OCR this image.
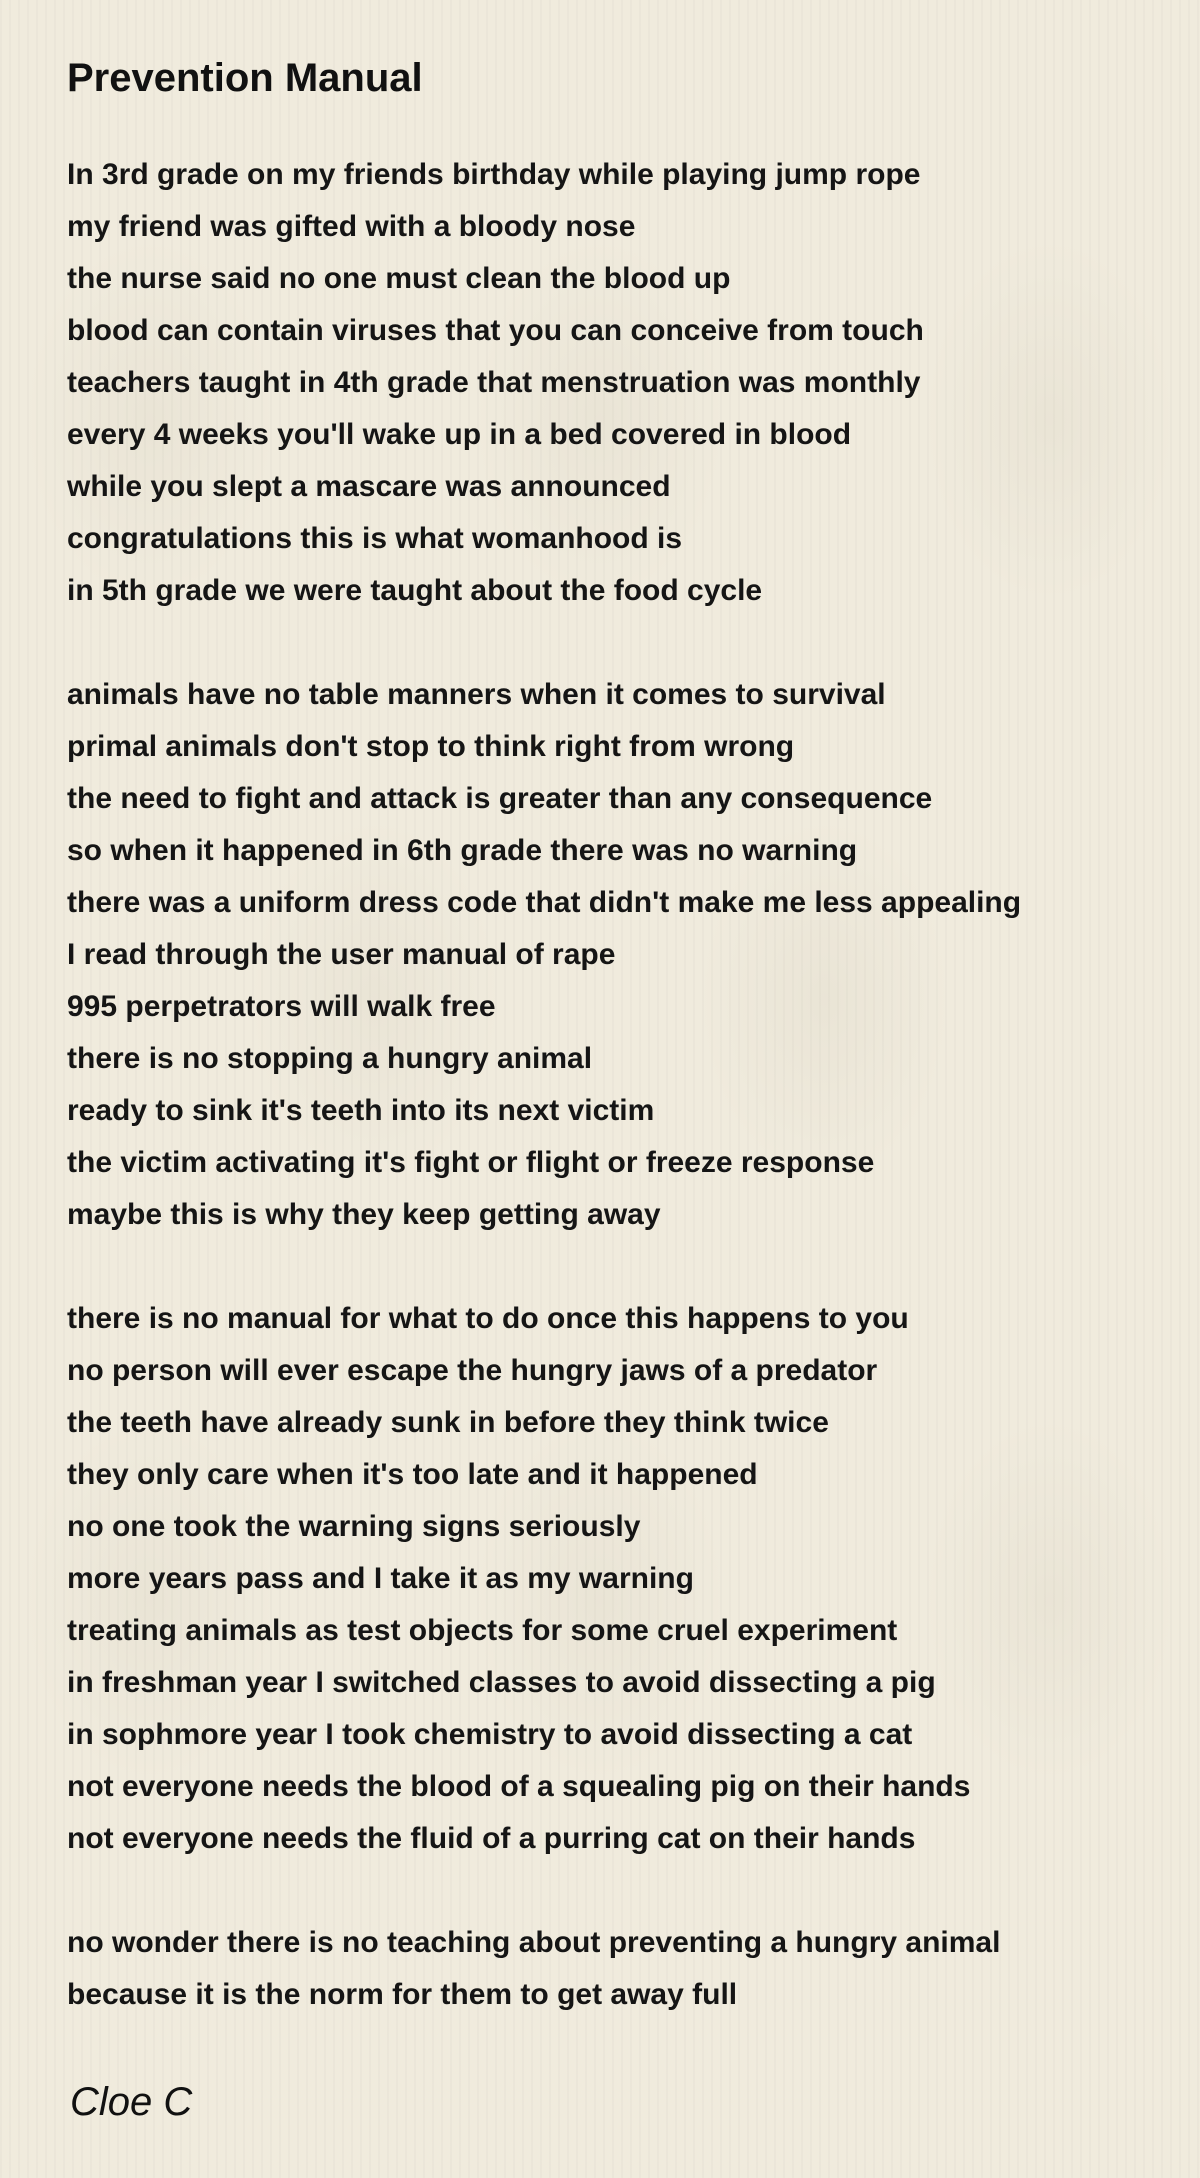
Prevention Manual
In 3rd grade on my friends birthday while playing jump rope
my friend was gifted with a bloody nose
the nurse said no one must clean the blood up
blood can contain viruses that you can conceive from touch
teachers taught in 4th grade that menstruation was monthly
every 4 weeks you'll wake up in a bed covered in blood
while you slept a mascare was announced
congratulations this is what womanhood is
in 5th grade we were taught about the food cycle
animals have no table manners when it comes to survival
primal animals don't stop to think right from wrong
the need to fight and attack is greater than any consequence
so when it happened in 6th grade there was no warning
there was a uniform dress code that didn't make me less appealing
I read through the user manual of rape
995 perpetrators will walk free
there is no stopping a hungry animal
ready to sink it's teeth into its next victim
the victim activating it's fight or flight or freeze response
maybe this is why they keep getting away
there is no manual for what to do once this happens to you
no person will ever escape the hungry jaws of a predator
the teeth have already sunk in before they think twice
they only care when it's too late and it happened
no one took the warning signs seriously
more years pass and I take it as my warning
treating animals as test objects for some cruel experiment
in freshman year I switched classes to avoid dissecting a pig
in sophmore year I took chemistry to avoid dissecting a cat
not everyone needs the blood of a squealing pig on their hands
not everyone needs the fluid of a purring cat on their hands
no wonder there is no teaching about preventing a hungry animal
because it is the norm for them to get away full
Cloe C
